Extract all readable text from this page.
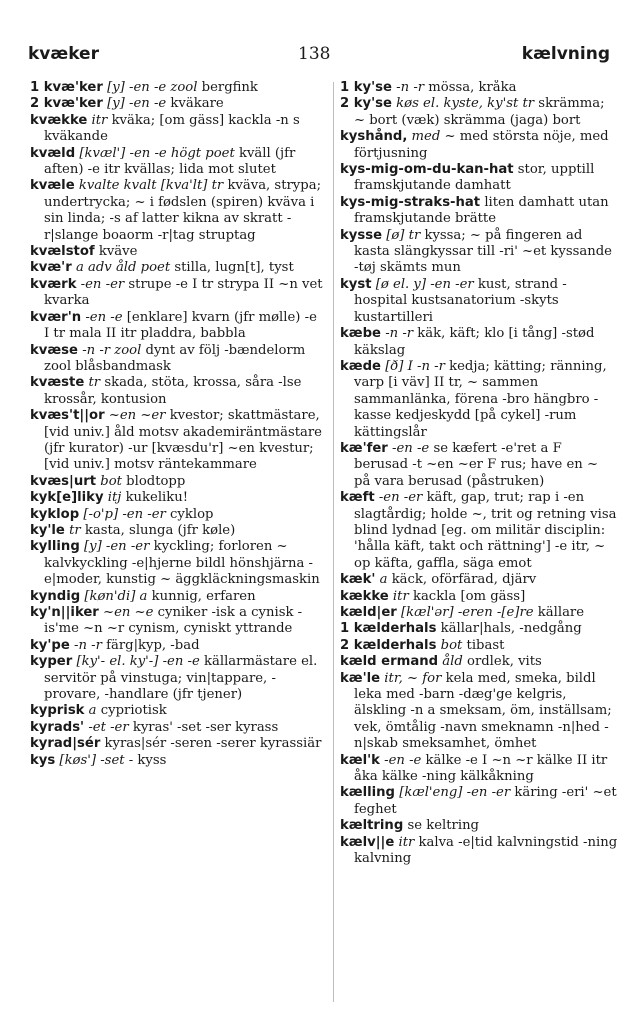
kvæker	138	kælvning

1 kvæ'ker [y] -en -e zool bergfink

2 kvæ'ker [y] -en -e kväkare

kvække itr kväka; [om gäss] kackla -n s kväkande

kvæld [kvæl'] -en -e högt poet kväll (jfr aften) -e itr kvällas; lida mot slutet

kvæle kvalte kvalt [kva'lt] tr kväva, strypa; undertrycka; ~ i fødslen (spiren) kväva i sin linda; -s af latter kikna av skratt -r|slange boaorm -r|tag struptag

kvælstof kväve

kvæ'r a adv åld poet stilla, lugn[t], tyst

kværk -en -er strupe -e I tr strypa II ~n vet kvarka

kvær'n -en -e [enklare] kvarn (jfr mølle) -e I tr mala II itr pladdra, babbla

kvæse -n -r zool dynt av följ -bændelorm zool blåsbandmask

kvæste tr skada, stöta, krossa, såra -lse krossår, kontusion

kvæs't||or ~en ~er kvestor; skattmästare, [vid univ.] åld motsv akademiräntmästare (jfr kurator) -ur [kvæsdu'r] ~en kvestur; [vid univ.] motsv räntekammare

kvæs|urt bot blodtopp

kyk[e]liky itj kukeliku!

kyklop [-o'p] -en -er cyklop

ky'le tr kasta, slunga (jfr køle)

kylling [y] -en -er kyckling; forloren ~ kalvkyckling -e|hjerne bildl hönshjärna -e|moder, kunstig ~ äggkläckningsmaskin

kyndig [køn'di] a kunnig, erfaren

ky'n||iker ~en ~e cyniker -isk a cynisk -is'me ~n ~r cynism, cyniskt yttrande

ky'pe -n -r färg|kyp, -bad

kyper [ky'- el. ky'-] -en -e källarmästare el. servitör på vinstuga; vin|tappare, -provare, -handlare (jfr tjener)

kyprisk a cypriotisk

kyrads' -et -er kyras' -set -ser kyrass

kyrad|sér kyras|sér -seren -serer kyrassiär

kys [køs'] -set - kyss

1 ky'se -n -r mössa, kråka

2 ky'se køs el. kyste, ky'st tr skrämma; ~ bort (væk) skrämma (jaga) bort

kyshånd, med ~ med största nöje, med förtjusning

kys-mig-om-du-kan-hat stor, upptill framskjutande damhatt

kys-mig-straks-hat liten damhatt utan framskjutande brätte

kysse [ø] tr kyssa; ~ på fingeren ad kasta slängkyssar till -ri' ~et kyssande -tøj skämts mun

kyst [ø el. y] -en -er kust, strand -hospital kustsanatorium -skyts kustartilleri

kæbe -n -r käk, käft; klo [i tång] -stød käkslag

kæde [ð] I -n -r kedja; kätting; ränning, varp [i väv] II tr, ~ sammen sammanlänka, förena -bro hängbro -kasse kedjeskydd [på cykel] -rum kättingslår

kæ'fer -en -e se kæfert -e'ret a F berusad -t ~en ~er F rus; have en ~ på vara berusad (påstruken)

kæft -en -er käft, gap, trut; rap i -en slagtårdig; holde ~, trit og retning visa blind lydnad [eg. om militär disciplin: 'hålla käft, takt och rättning'] -e itr, ~ op käfta, gaffla, säga emot

kæk' a käck, oförfärad, djärv

kække itr kackla [om gäss]

kæld|er [kæl'ər] -eren -[e]re källare

1 kælderhals källar|hals, -nedgång

2 kælderhals bot tibast

kæld ermand åld ordlek, vits

kæ'le itr, ~ for kela med, smeka, bildl leka med -barn -dæg'ge kelgris, älskling -n a smeksam, öm, inställsam; vek, ömtålig -navn smeknamn -n|hed -n|skab smeksamhet, ömhet

kæl'k -en -e kälke -e I ~n ~r kälke II itr åka kälke -ning kälkåkning

kælling [kæl'eng] -en -er käring -eri' ~et feghet

kæltring se keltring

kælv||e itr kalva -e|tid kalvningstid -ning kalvning
